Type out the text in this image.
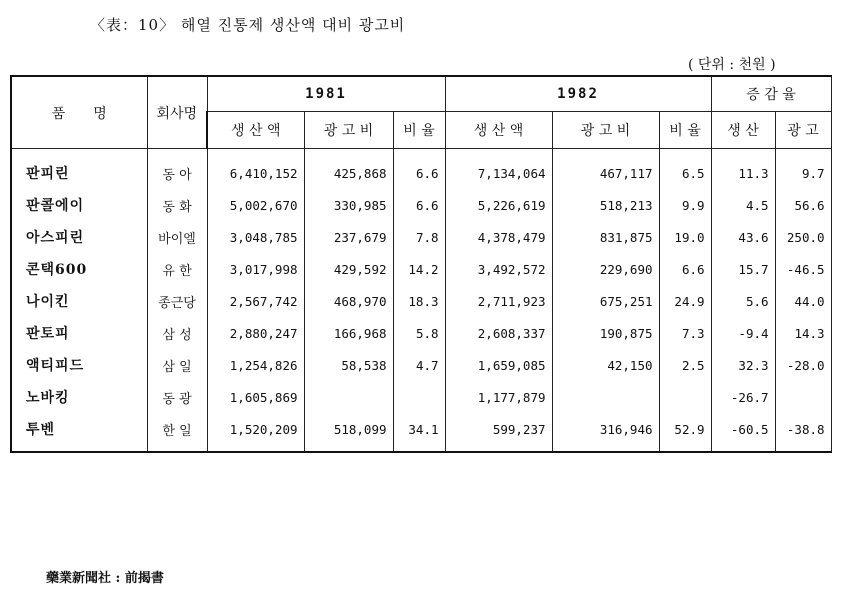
〈表：10〉 해열 진통제 생산액 대비 광고비
( 단위 : 천원 )
품　　명	회사명	1981			1982			증 감 율	
		생 산 액	광 고 비	비 율	생 산 액	광 고 비	비 율	생 산	광 고
판피린	동 아	6,410,152	425,868	6.6	7,134,064	467,117	6.5	11.3	9.7
판콜에이	동 화	5,002,670	330,985	6.6	5,226,619	518,213	9.9	4.5	56.6
아스피린	바이엘	3,048,785	237,679	7.8	4,378,479	831,875	19.0	43.6	250.0
콘택600	유 한	3,017,998	429,592	14.2	3,492,572	229,690	6.6	15.7	-46.5
나이킨	종근당	2,567,742	468,970	18.3	2,711,923	675,251	24.9	5.6	44.0
판토피	삼 성	2,880,247	166,968	5.8	2,608,337	190,875	7.3	-9.4	14.3
액티피드	삼 일	1,254,826	58,538	4.7	1,659,085	42,150	2.5	32.3	-28.0
노바킹	동 광	1,605,869			1,177,879			-26.7	
투벤	한 일	1,520,209	518,099	34.1	599,237	316,946	52.9	-60.5	-38.8
藥業新聞社 : 前揭書
